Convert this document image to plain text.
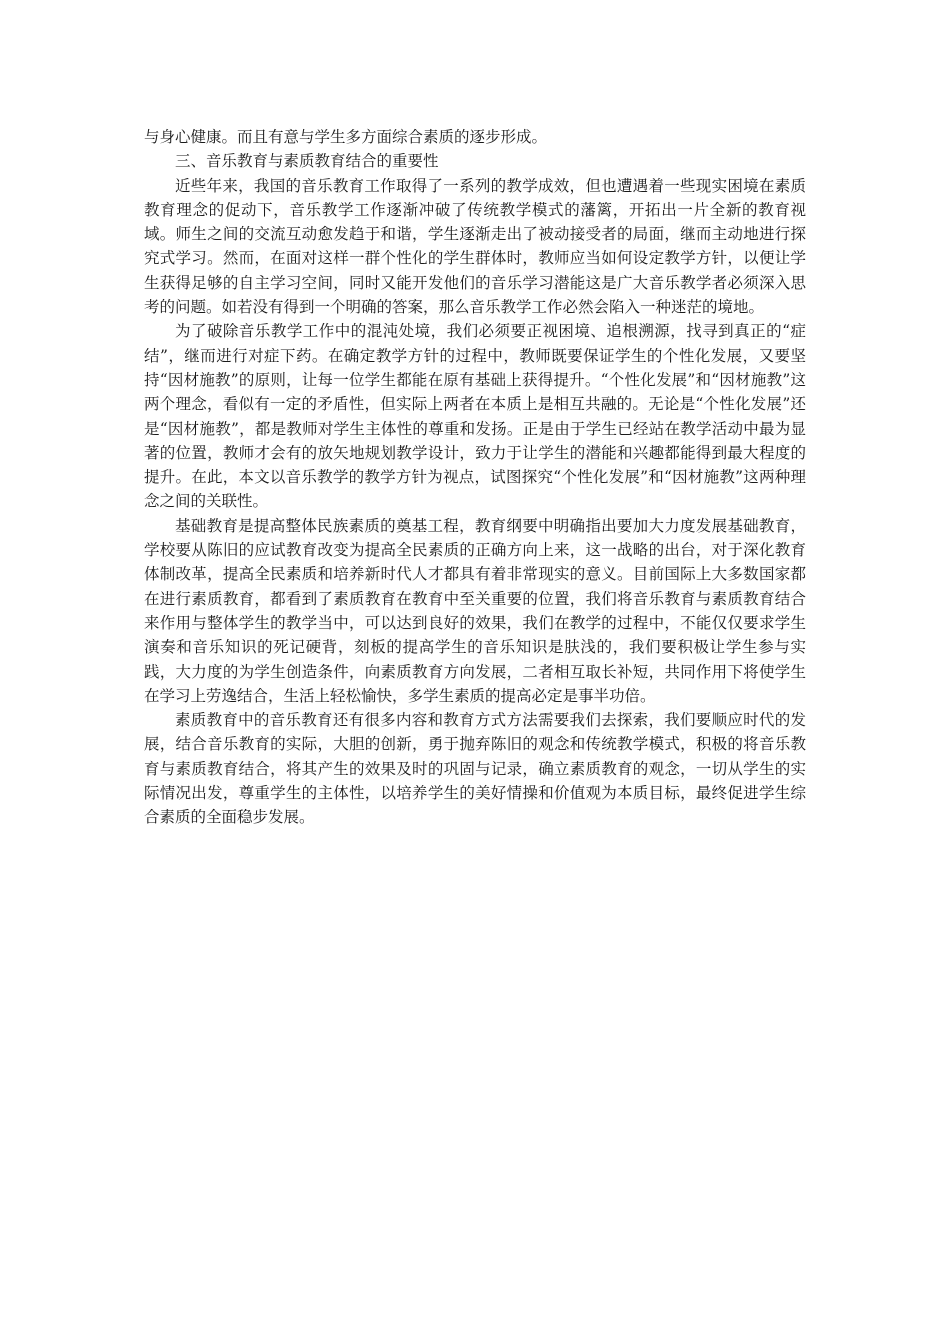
与身心健康。而且有意与学生多方面综合素质的逐步形成。

三、音乐教育与素质教育结合的重要性

近些年来，我国的音乐教育工作取得了一系列的教学成效，但也遭遇着一些现实困境在素质教育理念的促动下，音乐教学工作逐渐冲破了传统教学模式的藩篱，开拓出一片全新的教育视域。师生之间的交流互动愈发趋于和谐，学生逐渐走出了被动接受者的局面，继而主动地进行探究式学习。然而，在面对这样一群个性化的学生群体时，教师应当如何设定教学方针，以便让学生获得足够的自主学习空间，同时又能开发他们的音乐学习潜能这是广大音乐教学者必须深入思考的问题。如若没有得到一个明确的答案，那么音乐教学工作必然会陷入一种迷茫的境地。

为了破除音乐教学工作中的混沌处境，我们必须要正视困境、追根溯源，找寻到真正的“症结”，继而进行对症下药。在确定教学方针的过程中，教师既要保证学生的个性化发展，又要坚持“因材施教”的原则，让每一位学生都能在原有基础上获得提升。“个性化发展”和“因材施教”这两个理念，看似有一定的矛盾性，但实际上两者在本质上是相互共融的。无论是“个性化发展”还是“因材施教”，都是教师对学生主体性的尊重和发扬。正是由于学生已经站在教学活动中最为显著的位置，教师才会有的放矢地规划教学设计，致力于让学生的潜能和兴趣都能得到最大程度的提升。在此，本文以音乐教学的教学方针为视点，试图探究“个性化发展”和“因材施教”这两种理念之间的关联性。

基础教育是提高整体民族素质的奠基工程，教育纲要中明确指出要加大力度发展基础教育，学校要从陈旧的应试教育改变为提高全民素质的正确方向上来，这一战略的出台，对于深化教育体制改革，提高全民素质和培养新时代人才都具有着非常现实的意义。目前国际上大多数国家都在进行素质教育，都看到了素质教育在教育中至关重要的位置，我们将音乐教育与素质教育结合来作用与整体学生的教学当中，可以达到良好的效果，我们在教学的过程中，不能仅仅要求学生演奏和音乐知识的死记硬背，刻板的提高学生的音乐知识是肤浅的，我们要积极让学生参与实践，大力度的为学生创造条件，向素质教育方向发展，二者相互取长补短，共同作用下将使学生在学习上劳逸结合，生活上轻松愉快，多学生素质的提高必定是事半功倍。

素质教育中的音乐教育还有很多内容和教育方式方法需要我们去探索，我们要顺应时代的发展，结合音乐教育的实际，大胆的创新，勇于抛弃陈旧的观念和传统教学模式，积极的将音乐教育与素质教育结合，将其产生的效果及时的巩固与记录，确立素质教育的观念，一切从学生的实际情况出发，尊重学生的主体性，以培养学生的美好情操和价值观为本质目标，最终促进学生综合素质的全面稳步发展。
